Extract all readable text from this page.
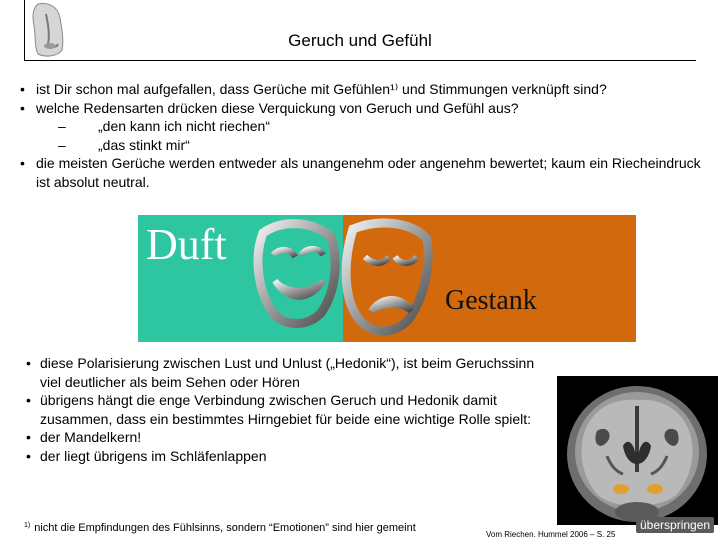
Geruch und Gefühl
• ist Dir schon mal aufgefallen, dass Gerüche mit Gefühlen¹⁾ und Stimmungen verknüpft sind?
• welche Redensarten drücken diese Verquickung von Geruch und Gefühl aus?
– „den kann ich nicht riechen“
– „das stinkt mir“
• die meisten Gerüche werden entweder als unangenehm oder angenehm bewertet; kaum ein Riecheindruck ist absolut neutral.
Duft
Gestank
• diese Polarisierung zwischen Lust und Unlust („Hedonik“), ist beim Geruchssinn viel deutlicher als beim Sehen oder Hören
• übrigens hängt die enge Verbindung zwischen Geruch und Hedonik damit zusammen, dass ein bestimmtes Hirngebiet für beide eine wichtige Rolle spielt:
• der Mandelkern!
• der liegt übrigens im Schläfenlappen
$^{1)}$ nicht die Empfindungen des Fühlsinns, sondern “Emotionen” sind hier gemeint
Vom Riechen. Hummel 2006 – S. 25
überspringen
